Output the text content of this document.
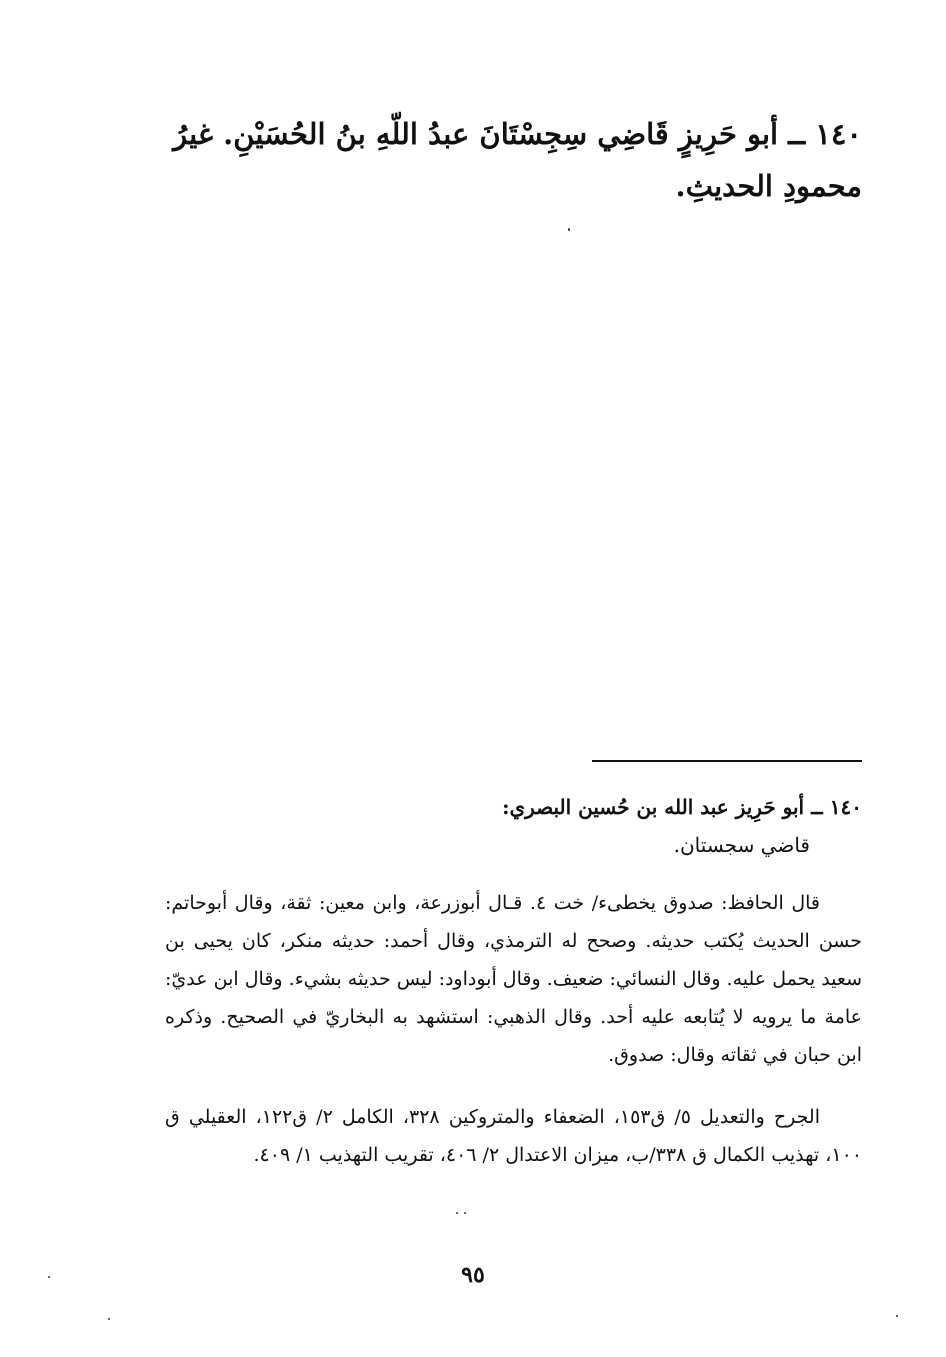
١٤٠ ــ أبو حَرِيزٍ قَاضِي سِجِسْتَانَ عبدُ اللّهِ بنُ الحُسَيْنِ. غيرُ محمودِ الحديثِ.
١٤٠ ــ أبو حَرِيز عبد الله بن حُسين البصري:
قاضي سجستان.
قال الحافظ: صدوق يخطىء/ خت ٤. قـال أبوزرعة، وابن معين: ثقة، وقال أبوحاتم: حسن الحديث يُكتب حديثه. وصحح له الترمذي، وقال أحمد: حديثه منكر، كان يحيى بن سعيد يحمل عليه. وقال النسائي: ضعيف. وقال أبوداود: ليس حديثه بشيء. وقال ابن عديّ: عامة ما يرويه لا يُتابعه عليه أحد. وقال الذهبي: استشهد به البخاريّ في الصحيح. وذكره ابن حبان في ثقاته وقال: صدوق.
الجرح والتعديل ٥/ ق١٥٣، الضعفاء والمتروكين ٣٢٨، الكامل ٢/ ق١٢٢، العقيلي ق ١٠٠، تهذيب الكمال ق ٣٣٨/ب، ميزان الاعتدال ٢/ ٤٠٦، تقريب التهذيب ١/ ٤٠٩.
٩٥
